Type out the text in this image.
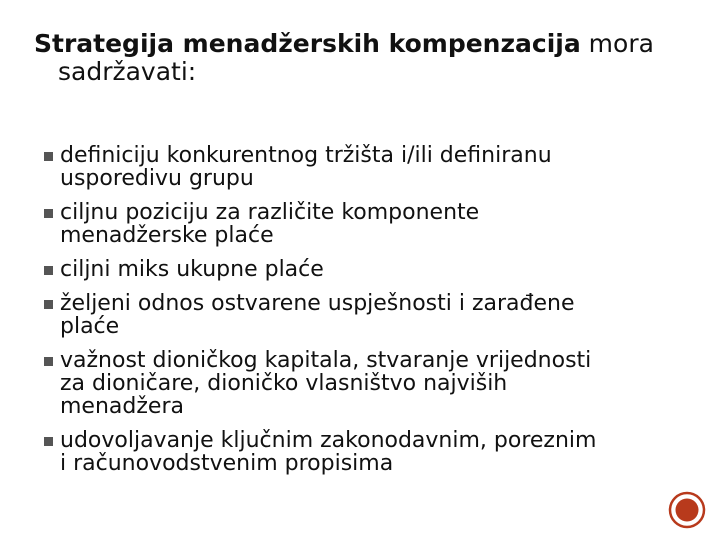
Strategija menadžerskih kompenzacija mora
sadržavati:

definiciju konkurentnog tržišta i/ili definiranu
usporedivu grupu
ciljnu poziciju za različite komponente
menadžerske plaće
ciljni miks ukupne plaće
željeni odnos ostvarene uspješnosti i zarađene
plaće
važnost dioničkog kapitala, stvaranje vrijednosti
za dioničare, dioničko vlasništvo najviših
menadžera
udovoljavanje ključnim zakonodavnim, poreznim
i računovodstvenim propisima
